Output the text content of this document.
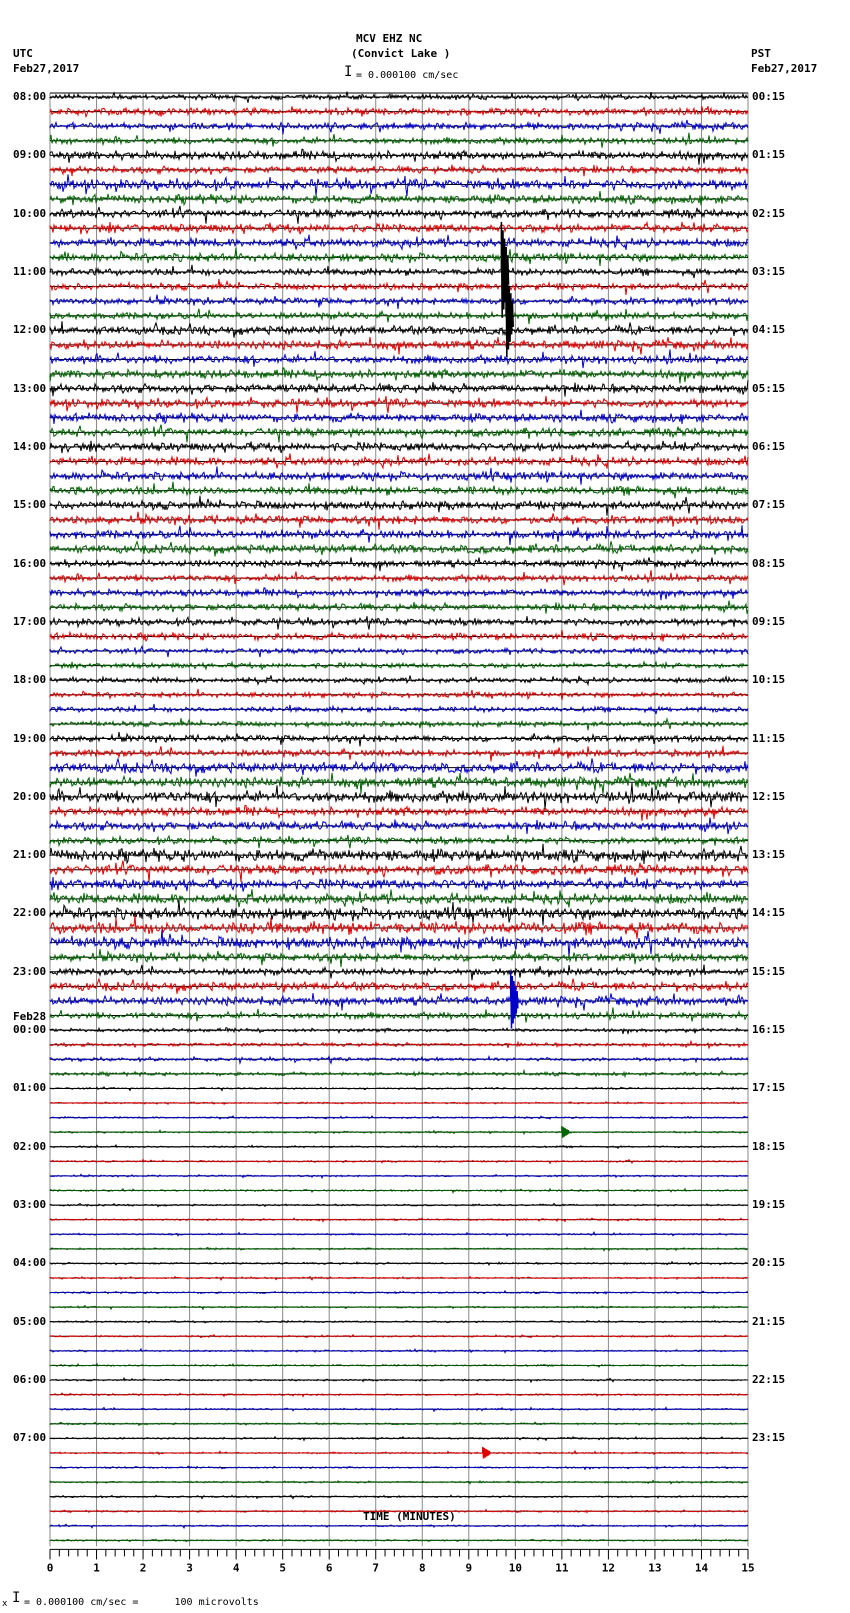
0	1	2	3	4	5	6	7	8	9	10	11	12	13	14	15
MCV EHZ NC
(Convict Lake )
I = 0.000100 cm/sec
UTC
Feb27,2017
PST
Feb27,2017
08:00
09:00
10:00
11:00
12:00
13:00
14:00
15:00
16:00
17:00
18:00
19:00
20:00
21:00
22:00
23:00
00:00
Feb28
01:00
02:00
03:00
04:00
05:00
06:00
07:00
00:15
01:15
02:15
03:15
04:15
05:15
06:15
07:15
08:15
09:15
10:15
11:15
12:15
13:15
14:15
15:15
16:15
17:15
18:15
19:15
20:15
21:15
22:15
23:15
TIME (MINUTES)
х I = 0.000100 cm/sec =      100 microvolts
